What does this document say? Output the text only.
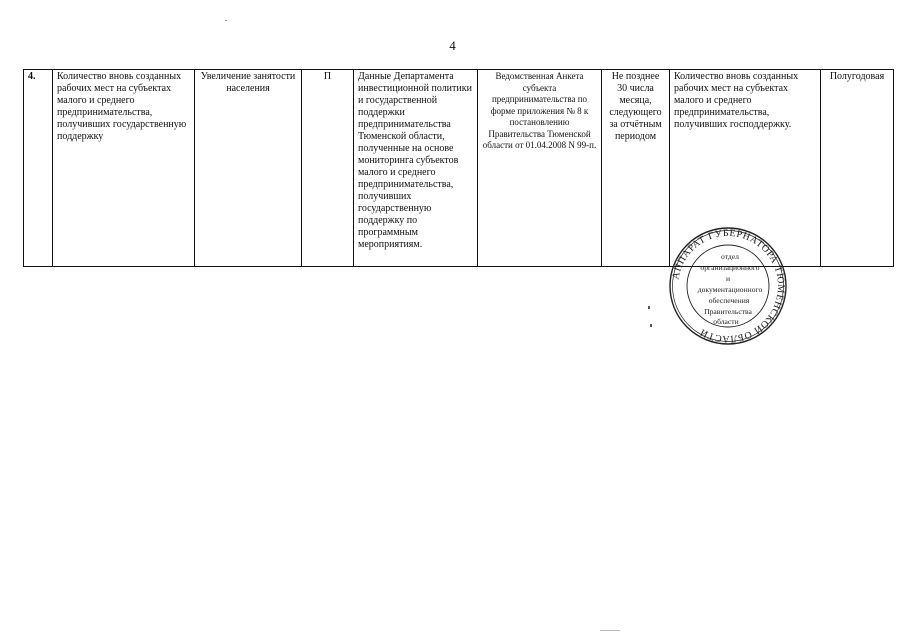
4
4.	Количество вновь созданных рабочих мест на субъектах малого и среднего предпринимательства, получивших государственную поддержку	Увеличение занятости населения	П	Данные Департамента инвестиционной политики и государственной поддержки предпринимательства Тюменской области, полученные на основе мониторинга субъектов малого и среднего предпринимательства, получивших государственную поддержку по программным мероприятиям.	Ведомственная Анкета субъекта предпринимательства по форме приложения № 8 к постановлению Правительства Тюменской области от 01.04.2008 N 99-п.	Не позднее 30 числа месяца, следующего за отчётным периодом	Количество вновь созданных рабочих мест на субъектах малого и среднего предпринимательства, получивших господдержку.	Полугодовая
АППАРАТ ГУБЕРНАТОРА ТЮМЕНСКОЙ ОБЛАСТИ
отдел
организационного
и
документационного
обеспечения
Правительства
области
